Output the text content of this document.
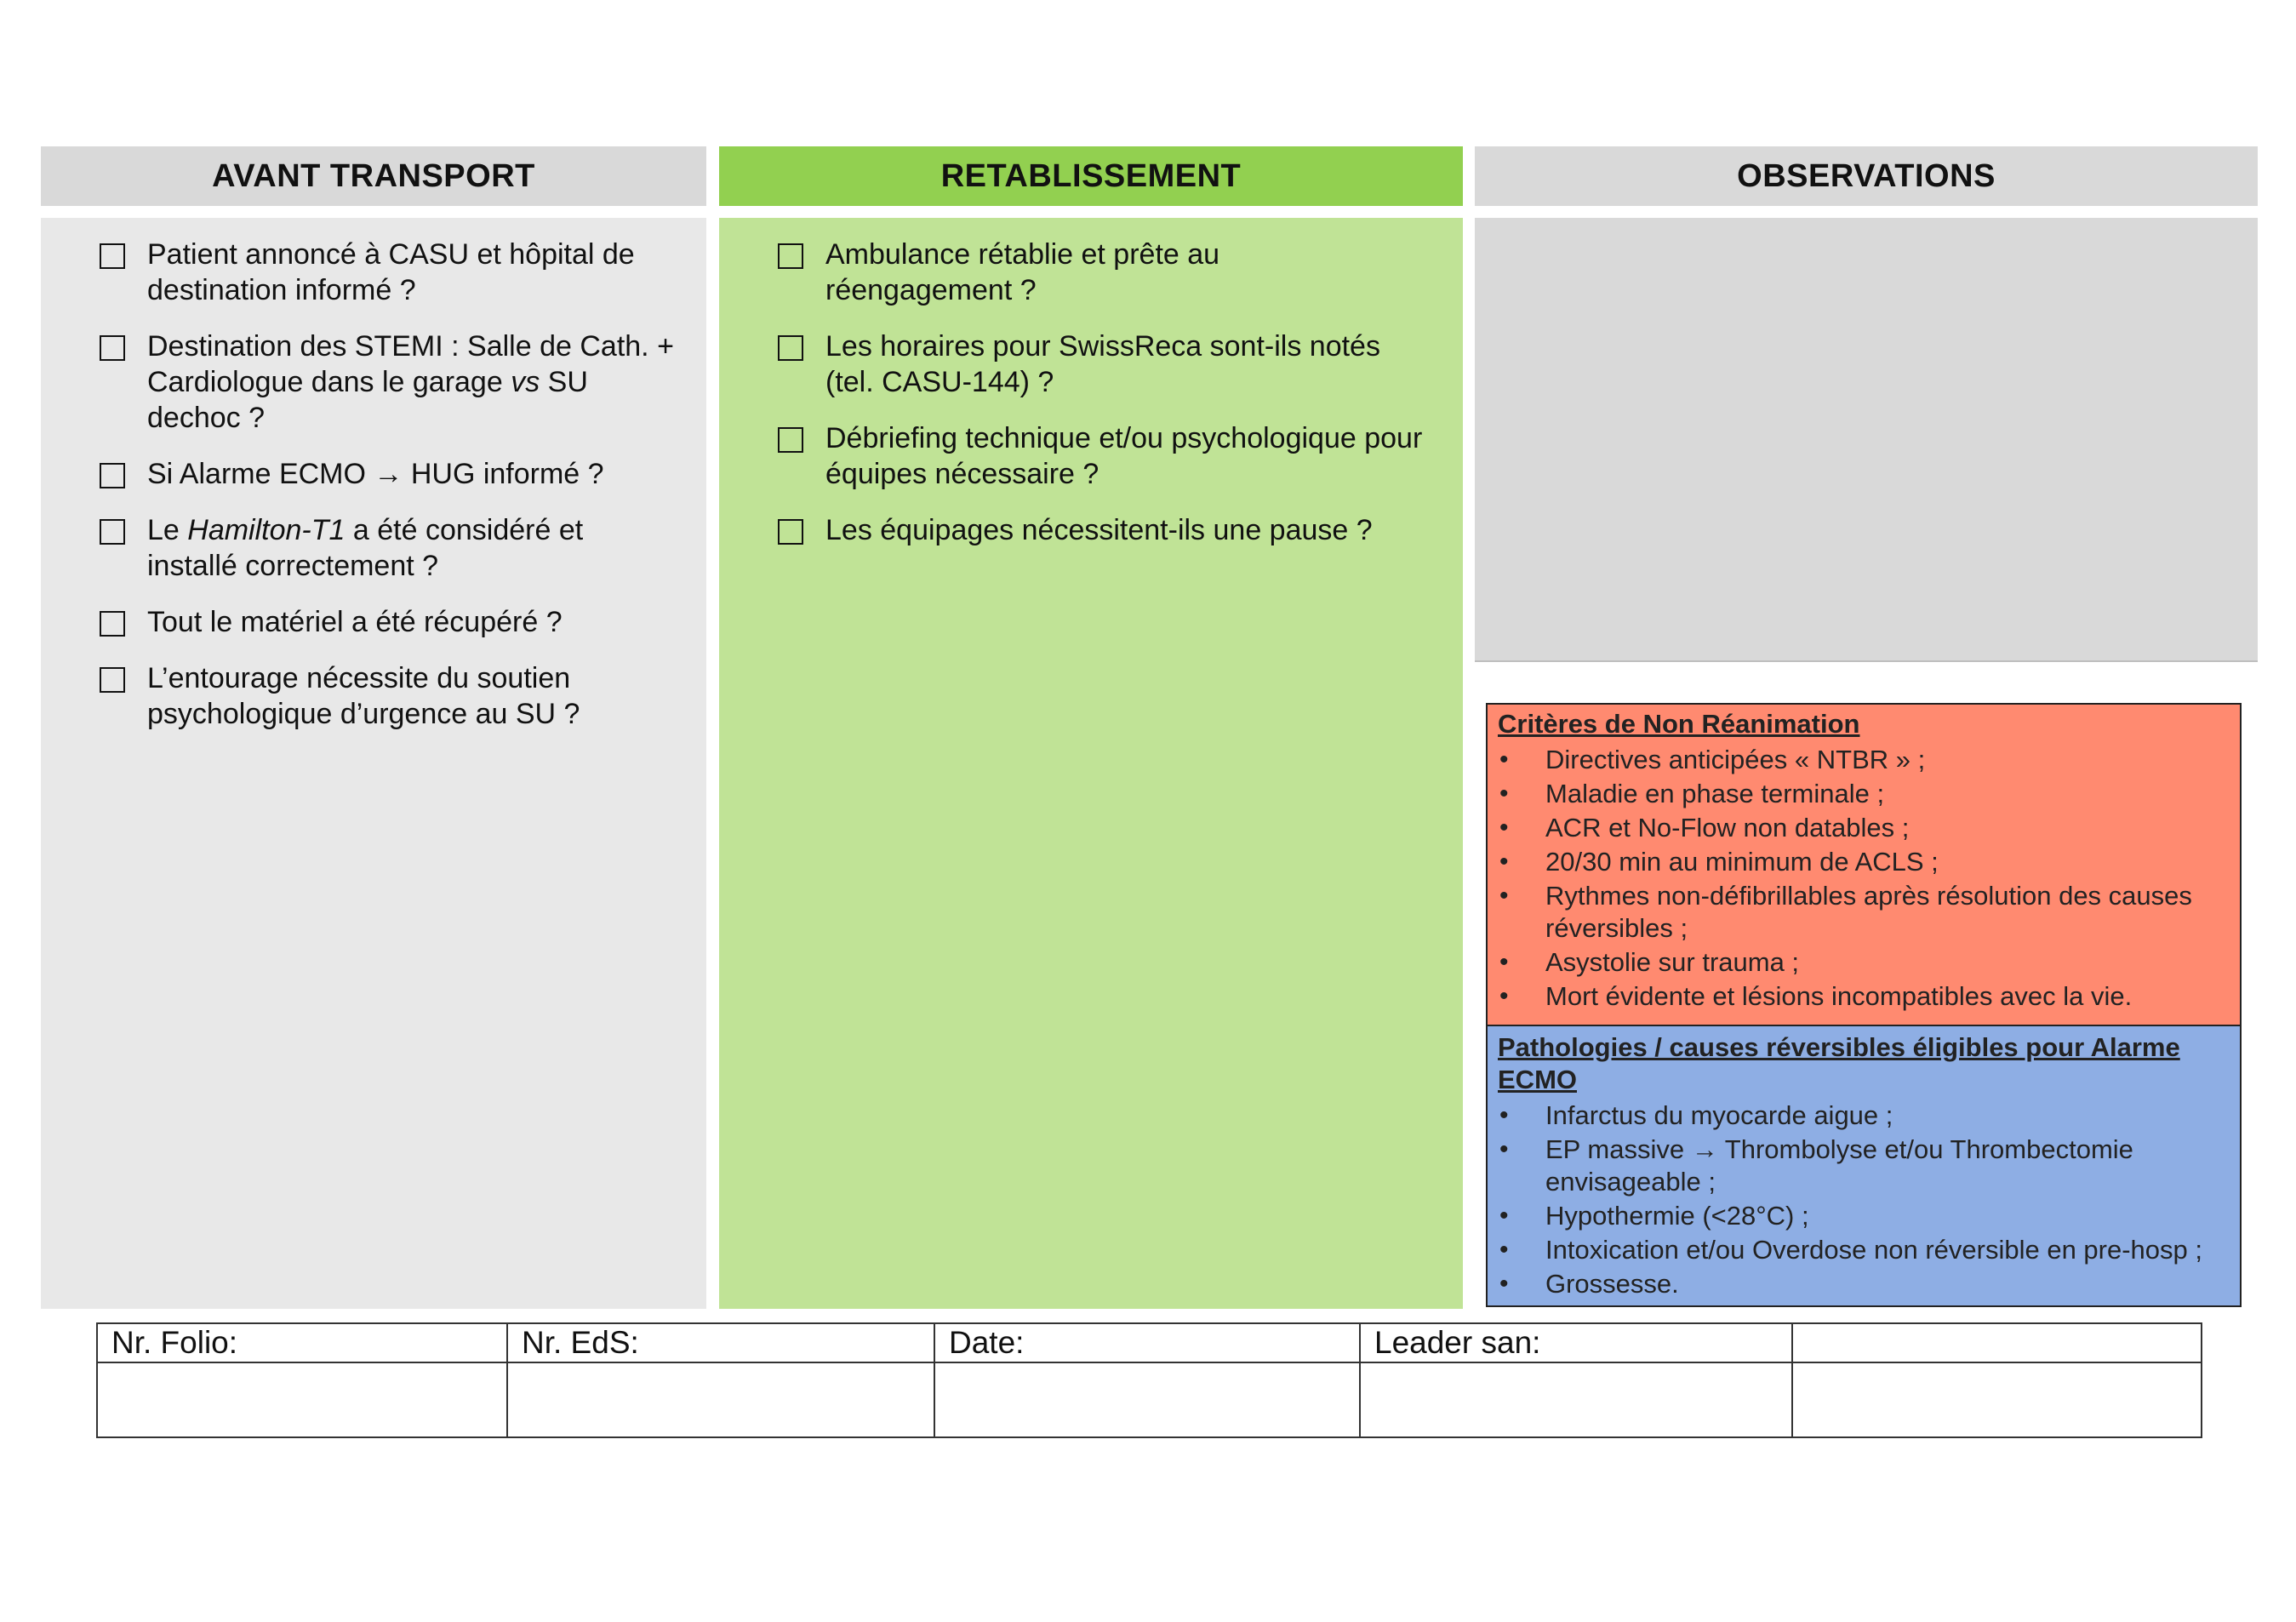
AVANT TRANSPORT
Patient annoncé à CASU et hôpital de
destination informé ?
Destination des STEMI : Salle de Cath. +
Cardiologue dans le garage vs SU
dechoc ?
Si Alarme ECMO → HUG informé ?
Le Hamilton-T1 a été considéré et
installé correctement ?
Tout le matériel a été récupéré ?
L’entourage nécessite du soutien
psychologique d’urgence au SU ?
RETABLISSEMENT
Ambulance rétablie et prête au
réengagement ?
Les horaires pour SwissReca sont-ils notés
(tel. CASU-144) ?
Débriefing technique et/ou psychologique pour
équipes nécessaire ?
Les équipages nécessitent-ils une pause ?
OBSERVATIONS
Critères de Non Réanimation
• Directives anticipées « NTBR » ;
• Maladie en phase terminale ;
• ACR et No-Flow non datables ;
• 20/30 min au minimum de ACLS ;
• Rythmes non-défibrillables après résolution des causes réversibles ;
• Asystolie sur trauma ;
• Mort évidente et lésions incompatibles avec la vie.
Pathologies / causes réversibles éligibles pour Alarme ECMO
• Infarctus du myocarde aigue ;
• EP massive → Thrombolyse et/ou Thrombectomie envisageable ;
• Hypothermie (<28°C) ;
• Intoxication et/ou Overdose non réversible en pre-hosp ;
• Grossesse.
Nr. Folio:	Nr. EdS:	Date:	Leader san:	
